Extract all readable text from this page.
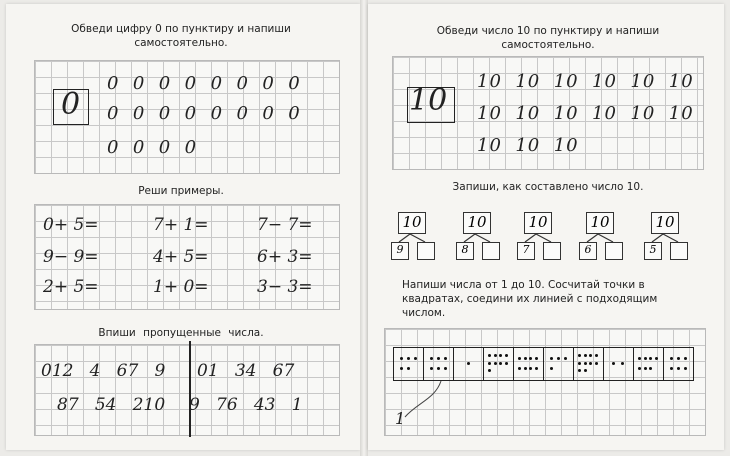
Обведи цифру 0 по пунктиру и напиши самостоятельно.
0
0  0  0  0  0  0  0  0
0  0  0  0  0  0  0  0
0  0  0  0
Реши примеры.
0+ 5=	7+ 1=	7− 7=
9− 9=	4+ 5=	6+ 3=
2+ 5=	1+ 0=	3− 3=
Впиши пропущенные числа.
012   4   67   9 01   34   67
87   54   210 9   76   43   1
Обведи число 10 по пунктиру и напиши самостоятельно.
10
10  10  10  10  10  10
10  10  10  10  10  10
10  10  10
Запиши, как составлено число 10.
10
9
10
8
10
7
10
6
10
5
Напиши числа от 1 до 10. Сосчитай точки в квадратах, соедини их линией с подходящим числом.
1
